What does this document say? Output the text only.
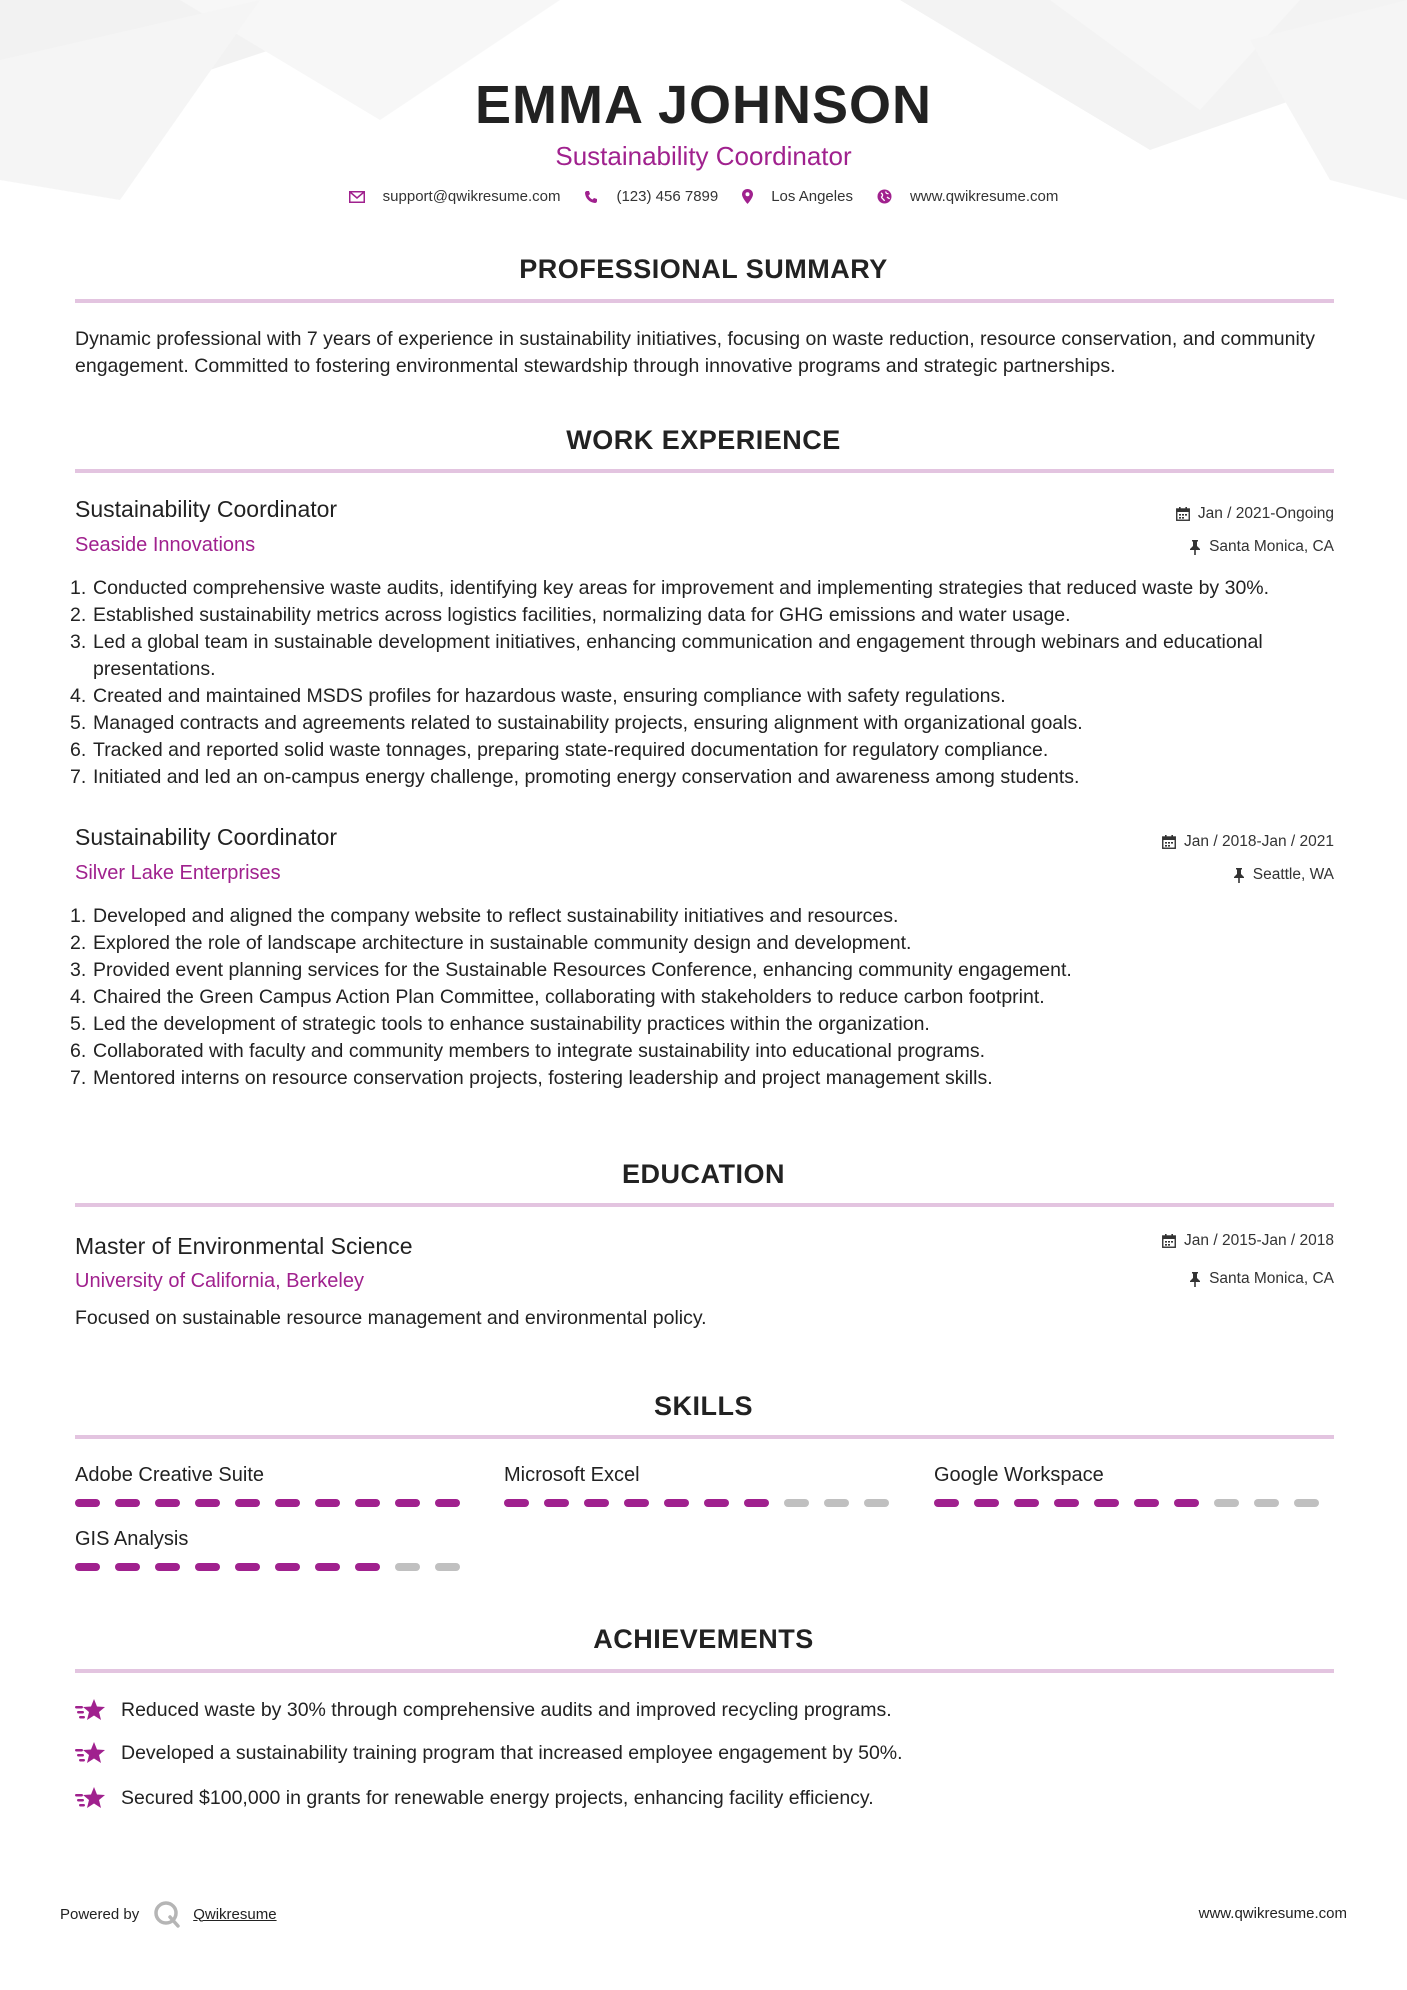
EMMA JOHNSON
Sustainability Coordinator
support@qwikresume.com	(123) 456 7899	Los Angeles	www.qwikresume.com
PROFESSIONAL SUMMARY
Dynamic professional with 7 years of experience in sustainability initiatives, focusing on waste reduction, resource conservation, and community engagement. Committed to fostering environmental stewardship through innovative programs and strategic partnerships.
WORK EXPERIENCE
Sustainability Coordinator
Seaside Innovations
Jan / 2021-Ongoing
Santa Monica, CA
1. Conducted comprehensive waste audits, identifying key areas for improvement and implementing strategies that reduced waste by 30%.
2. Established sustainability metrics across logistics facilities, normalizing data for GHG emissions and water usage.
3. Led a global team in sustainable development initiatives, enhancing communication and engagement through webinars and educational presentations.
4. Created and maintained MSDS profiles for hazardous waste, ensuring compliance with safety regulations.
5. Managed contracts and agreements related to sustainability projects, ensuring alignment with organizational goals.
6. Tracked and reported solid waste tonnages, preparing state-required documentation for regulatory compliance.
7. Initiated and led an on-campus energy challenge, promoting energy conservation and awareness among students.
Sustainability Coordinator
Silver Lake Enterprises
Jan / 2018-Jan / 2021
Seattle, WA
1. Developed and aligned the company website to reflect sustainability initiatives and resources.
2. Explored the role of landscape architecture in sustainable community design and development.
3. Provided event planning services for the Sustainable Resources Conference, enhancing community engagement.
4. Chaired the Green Campus Action Plan Committee, collaborating with stakeholders to reduce carbon footprint.
5. Led the development of strategic tools to enhance sustainability practices within the organization.
6. Collaborated with faculty and community members to integrate sustainability into educational programs.
7. Mentored interns on resource conservation projects, fostering leadership and project management skills.
EDUCATION
Master of Environmental Science
University of California, Berkeley
Jan / 2015-Jan / 2018
Santa Monica, CA
Focused on sustainable resource management and environmental policy.
SKILLS
Adobe Creative Suite	Microsoft Excel	Google Workspace
GIS Analysis
ACHIEVEMENTS
Reduced waste by 30% through comprehensive audits and improved recycling programs.
Developed a sustainability training program that increased employee engagement by 50%.
Secured $100,000 in grants for renewable energy projects, enhancing facility efficiency.
Powered by	Qwikresume	www.qwikresume.com
